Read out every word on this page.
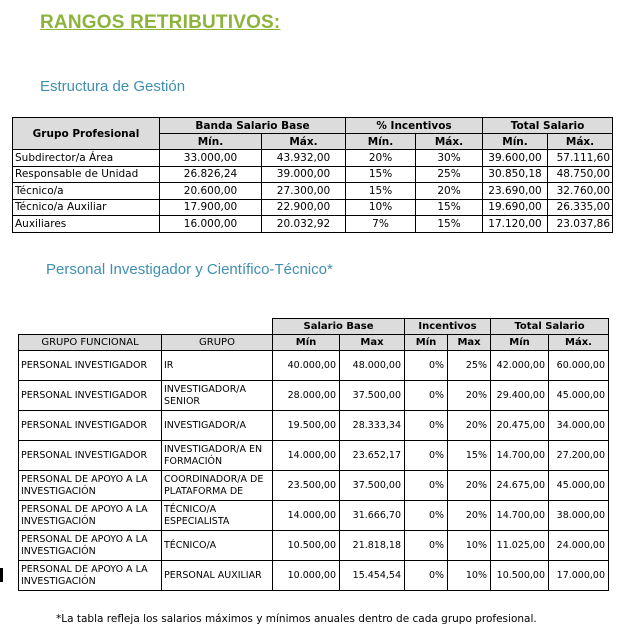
RANGOS RETRIBUTIVOS:
Estructura de Gestión
Grupo Profesional	Banda Salario Base		% Incentivos		Total Salario	
	Mín.	Máx.	Mín.	Máx.	Mín.	Máx.
Subdirector/a Área	33.000,00	43.932,00	20%	30%	39.600,00	57.111,60
Responsable de Unidad	26.826,24	39.000,00	15%	25%	30.850,18	48.750,00
Técnico/a	20.600,00	27.300,00	15%	20%	23.690,00	32.760,00
Técnico/a Auxiliar	17.900,00	22.900,00	10%	15%	19.690,00	26.335,00
Auxiliares	16.000,00	20.032,92	7%	15%	17.120,00	23.037,86
Personal Investigador y Científico-Técnico*
		Salario Base		Incentivos		Total Salario	
GRUPO FUNCIONAL	GRUPO	Mín	Max	Mín	Max	Mín	Máx.
PERSONAL INVESTIGADOR	IR	40.000,00	48.000,00	0%	25%	42.000,00	60.000,00
PERSONAL INVESTIGADOR	INVESTIGADOR/A SENIOR	28.000,00	37.500,00	0%	20%	29.400,00	45.000,00
PERSONAL INVESTIGADOR	INVESTIGADOR/A	19.500,00	28.333,34	0%	20%	20.475,00	34.000,00
PERSONAL INVESTIGADOR	INVESTIGADOR/A EN FORMACIÓN	14.000,00	23.652,17	0%	15%	14.700,00	27.200,00
PERSONAL DE APOYO A LA INVESTIGACIÓN	COORDINADOR/A DE PLATAFORMA DE	23.500,00	37.500,00	0%	20%	24.675,00	45.000,00
PERSONAL DE APOYO A LA INVESTIGACIÓN	TÉCNICO/A ESPECIALISTA	14.000,00	31.666,70	0%	20%	14.700,00	38.000,00
PERSONAL DE APOYO A LA INVESTIGACIÓN	TÉCNICO/A	10.500,00	21.818,18	0%	10%	11.025,00	24.000,00
PERSONAL DE APOYO A LA INVESTIGACIÓN	PERSONAL AUXILIAR	10.000,00	15.454,54	0%	10%	10.500,00	17.000,00
*La tabla refleja los salarios máximos y mínimos anuales dentro de cada grupo profesional.
